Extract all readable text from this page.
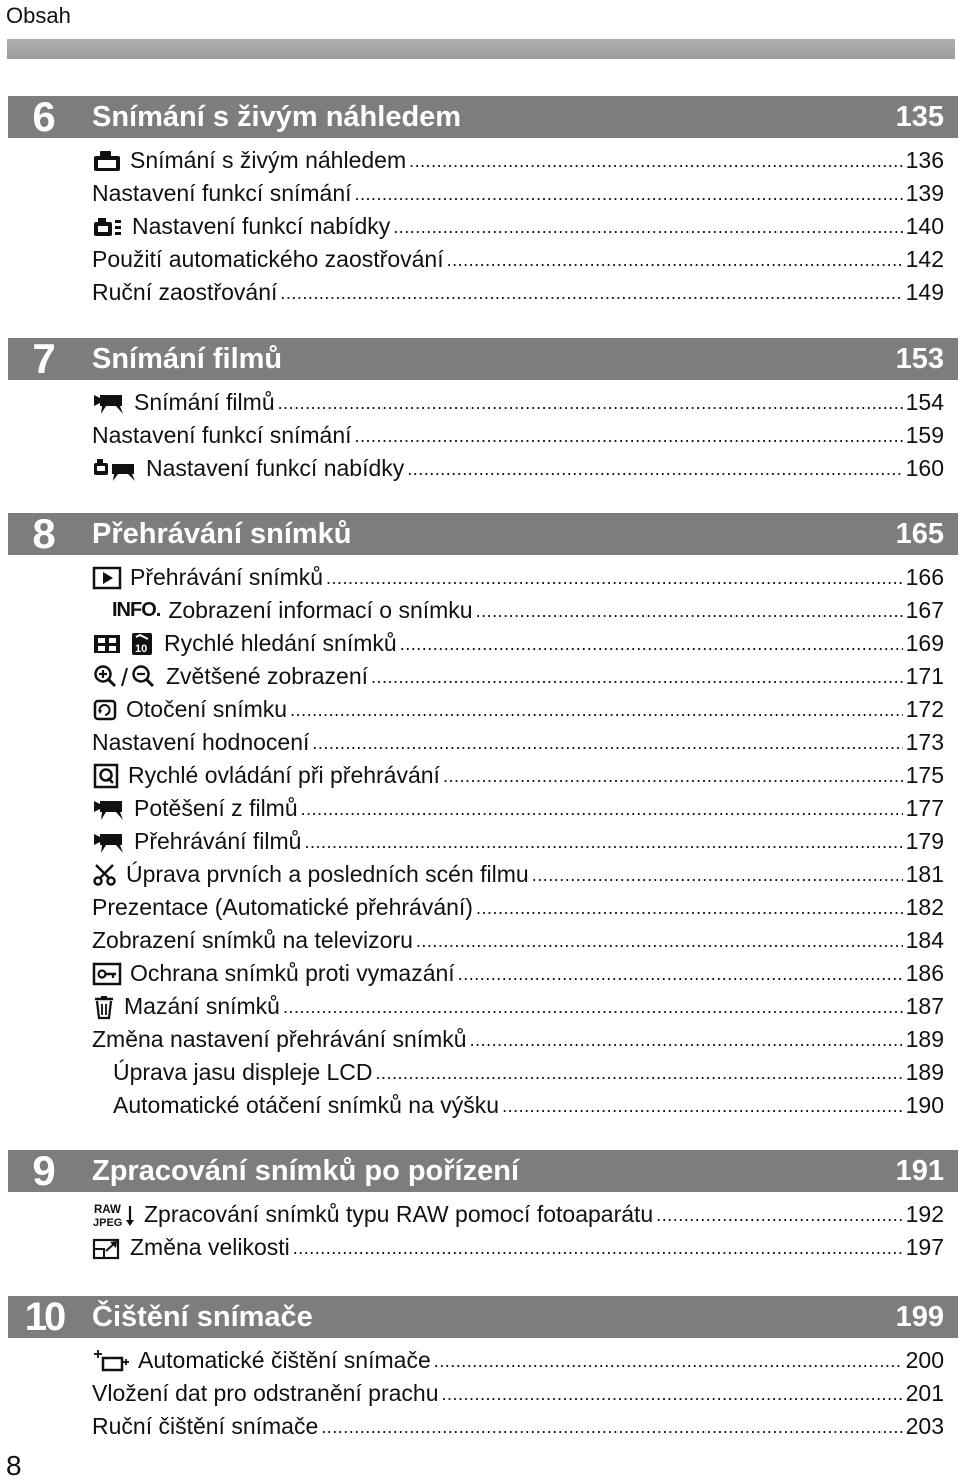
Obsah
6	Snímání s živým náhledem	135
Snímání s živým náhledem .....	136
Nastavení funkcí snímání .....	139
Nastavení funkcí nabídky .....	140
Použití automatického zaostřování .....	142
Ruční zaostřování .....	149
7	Snímání filmů	153
Snímání filmů .....	154
Nastavení funkcí snímání .....	159
Nastavení funkcí nabídky .....	160
8	Přehrávání snímků	165
Přehrávání snímků .....	166
INFO. Zobrazení informací o snímku .....	167
10 Rychlé hledání snímků .....	169
Zvětšené zobrazení .....	171
Otočení snímku .....	172
Nastavení hodnocení .....	173
Rychlé ovládání při přehrávání .....	175
Potěšení z filmů .....	177
Přehrávání filmů .....	179
Úprava prvních a posledních scén filmu .....	181
Prezentace (Automatické přehrávání) .....	182
Zobrazení snímků na televizoru .....	184
Ochrana snímků proti vymazání .....	186
Mazání snímků .....	187
Změna nastavení přehrávání snímků .....	189
Úprava jasu displeje LCD .....	189
Automatické otáčení snímků na výšku .....	190
9	Zpracování snímků po pořízení	191
RAW
JPEG Zpracování snímků typu RAW pomocí fotoaparátu .....	192
Změna velikosti .....	197
10 Čištění snímače	199
Automatické čištění snímače .....	200
Vložení dat pro odstranění prachu .....	201
Ruční čištění snímače .....	203
8
